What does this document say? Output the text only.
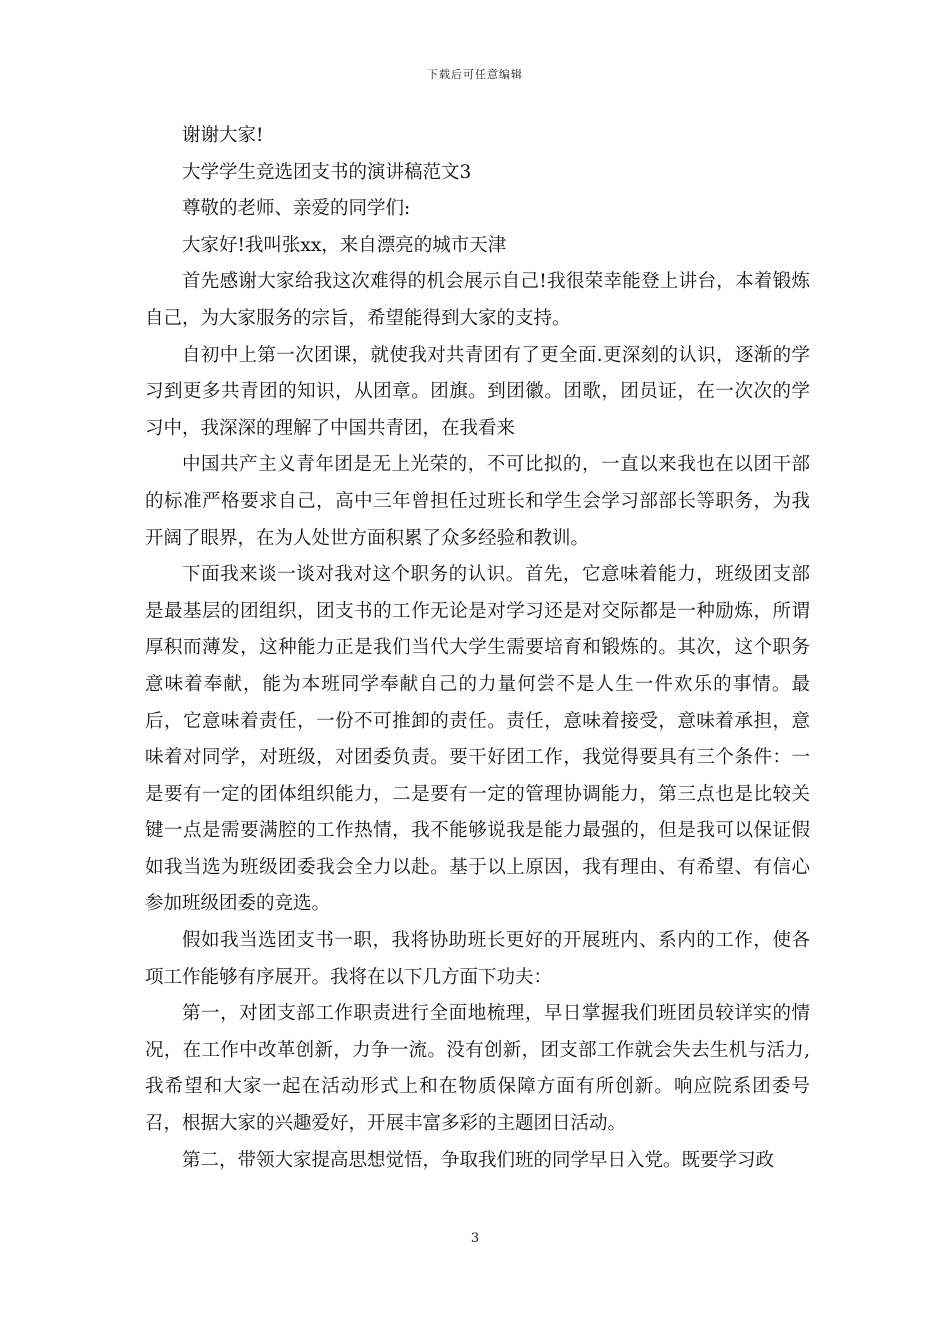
下载后可任意编辑

谢谢大家!

大学学生竞选团支书的演讲稿范文3

尊敬的老师、亲爱的同学们:

大家好!我叫张xx，来自漂亮的城市天津

首先感谢大家给我这次难得的机会展示自己!我很荣幸能登上讲台，本着锻炼自己，为大家服务的宗旨，希望能得到大家的支持。

自初中上第一次团课，就使我对共青团有了更全面.更深刻的认识，逐渐的学习到更多共青团的知识，从团章。团旗。到团徽。团歌，团员证，在一次次的学习中，我深深的理解了中国共青团，在我看来

中国共产主义青年团是无上光荣的，不可比拟的，一直以来我也在以团干部的标准严格要求自己，高中三年曾担任过班长和学生会学习部部长等职务，为我开阔了眼界，在为人处世方面积累了众多经验和教训。

下面我来谈一谈对我对这个职务的认识。首先，它意味着能力，班级团支部是最基层的团组织，团支书的工作无论是对学习还是对交际都是一种励炼，所谓厚积而薄发，这种能力正是我们当代大学生需要培育和锻炼的。其次，这个职务意味着奉献，能为本班同学奉献自己的力量何尝不是人生一件欢乐的事情。最后，它意味着责任，一份不可推卸的责任。责任，意味着接受，意味着承担，意味着对同学，对班级，对团委负责。要干好团工作，我觉得要具有三个条件：一是要有一定的团体组织能力，二是要有一定的管理协调能力，第三点也是比较关键一点是需要满腔的工作热情，我不能够说我是能力最强的，但是我可以保证假如我当选为班级团委我会全力以赴。基于以上原因，我有理由、有希望、有信心参加班级团委的竞选。

假如我当选团支书一职，我将协助班长更好的开展班内、系内的工作，使各项工作能够有序展开。我将在以下几方面下功夫：

第一，对团支部工作职责进行全面地梳理，早日掌握我们班团员较详实的情况，在工作中改革创新，力争一流。没有创新，团支部工作就会失去生机与活力,我希望和大家一起在活动形式上和在物质保障方面有所创新。响应院系团委号召，根据大家的兴趣爱好，开展丰富多彩的主题团日活动。

第二，带领大家提高思想觉悟，争取我们班的同学早日入党。既要学习政

3
